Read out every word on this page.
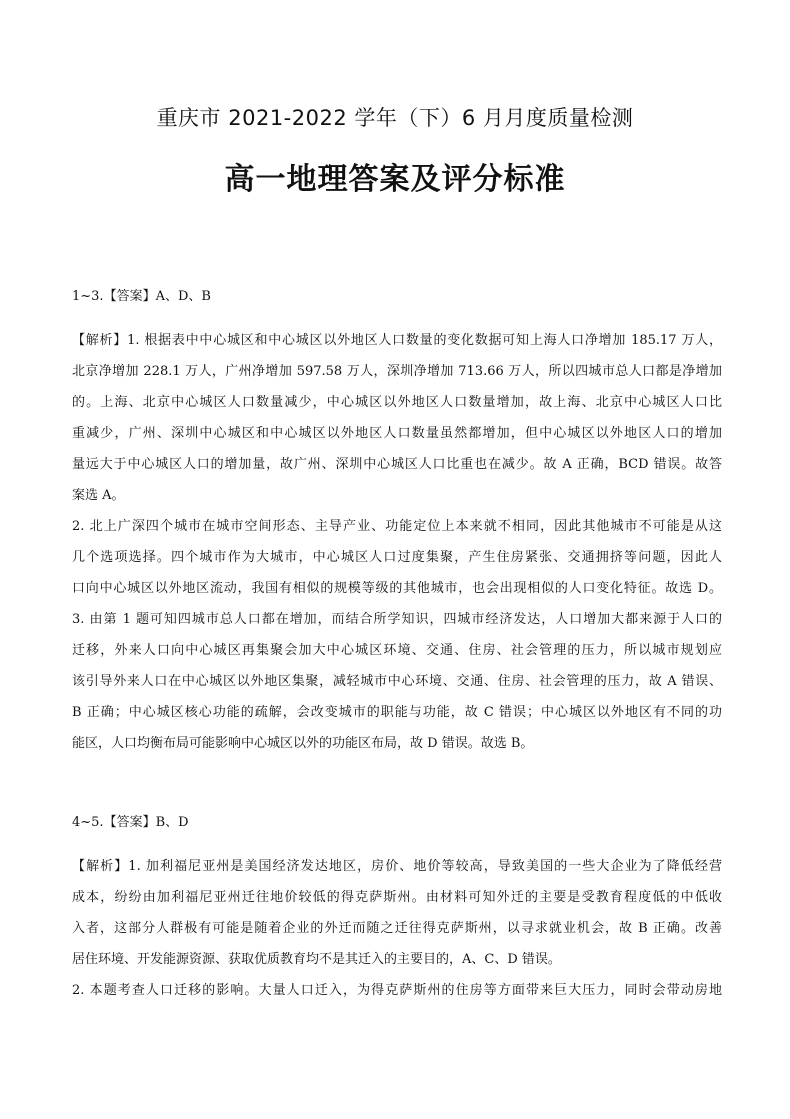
重庆市 2021-2022 学年（下）6 月月度质量检测
高一地理答案及评分标准
1~3.【答案】A、D、B
【解析】1. 根据表中中心城区和中心城区以外地区人口数量的变化数据可知上海人口净增加 185.17 万人，
北京净增加 228.1 万人，广州净增加 597.58 万人，深圳净增加 713.66 万人，所以四城市总人口都是净增加
的。上海、北京中心城区人口数量减少，中心城区以外地区人口数量增加，故上海、北京中心城区人口比
重减少，广州、深圳中心城区和中心城区以外地区人口数量虽然都增加，但中心城区以外地区人口的增加
量远大于中心城区人口的增加量，故广州、深圳中心城区人口比重也在减少。故 A 正确，BCD 错误。故答
案选 A。
2. 北上广深四个城市在城市空间形态、主导产业、功能定位上本来就不相同，因此其他城市不可能是从这
几个选项选择。四个城市作为大城市，中心城区人口过度集聚，产生住房紧张、交通拥挤等问题，因此人
口向中心城区以外地区流动，我国有相似的规模等级的其他城市，也会出现相似的人口变化特征。故选 D。
3. 由第 1 题可知四城市总人口都在增加，而结合所学知识，四城市经济发达，人口增加大都来源于人口的
迁移，外来人口向中心城区再集聚会加大中心城区环境、交通、住房、社会管理的压力，所以城市规划应
该引导外来人口在中心城区以外地区集聚，减轻城市中心环境、交通、住房、社会管理的压力，故 A 错误、
B 正确；中心城区核心功能的疏解，会改变城市的职能与功能，故 C 错误；中心城区以外地区有不同的功
能区，人口均衡布局可能影响中心城区以外的功能区布局，故 D 错误。故选 B。
4~5.【答案】B、D
【解析】1. 加利福尼亚州是美国经济发达地区，房价、地价等较高，导致美国的一些大企业为了降低经营
成本，纷纷由加利福尼亚州迁往地价较低的得克萨斯州。由材料可知外迁的主要是受教育程度低的中低收
入者，这部分人群极有可能是随着企业的外迁而随之迁往得克萨斯州，以寻求就业机会，故 B 正确。改善
居住环境、开发能源资源、获取优质教育均不是其迁入的主要目的，A、C、D 错误。
2. 本题考查人口迁移的影响。大量人口迁入，为得克萨斯州的住房等方面带来巨大压力，同时会带动房地
